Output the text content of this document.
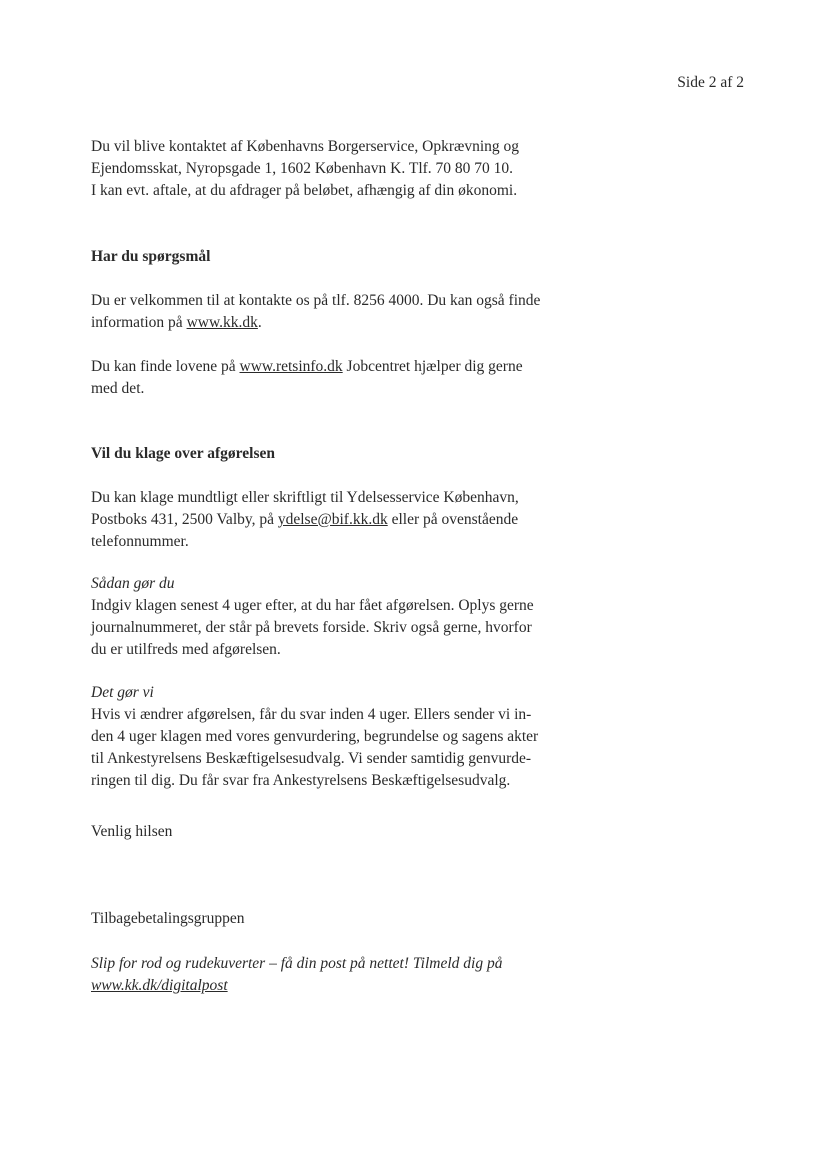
Side 2 af 2

Du vil blive kontaktet af Københavns Borgerservice, Opkrævning og
Ejendomsskat, Nyropsgade 1, 1602 København K. Tlf. 70 80 70 10.
I kan evt. aftale, at du afdrager på beløbet, afhængig af din økonomi.

Har du spørgsmål

Du er velkommen til at kontakte os på tlf. 8256 4000. Du kan også finde
information på www.kk.dk.

Du kan finde lovene på www.retsinfo.dk Jobcentret hjælper dig gerne
med det.

Vil du klage over afgørelsen

Du kan klage mundtligt eller skriftligt til Ydelsesservice København,
Postboks 431, 2500 Valby, på ydelse@bif.kk.dk eller på ovenstående
telefonnummer.

Sådan gør du

Indgiv klagen senest 4 uger efter, at du har fået afgørelsen. Oplys gerne
journalnummeret, der står på brevets forside. Skriv også gerne, hvorfor
du er utilfreds med afgørelsen.

Det gør vi

Hvis vi ændrer afgørelsen, får du svar inden 4 uger. Ellers sender vi in-
den 4 uger klagen med vores genvurdering, begrundelse og sagens akter
til Ankestyrelsens Beskæftigelsesudvalg. Vi sender samtidig genvurde-
ringen til dig. Du får svar fra Ankestyrelsens Beskæftigelsesudvalg.

Venlig hilsen

Tilbagebetalingsgruppen

Slip for rod og rudekuverter – få din post på nettet! Tilmeld dig på
www.kk.dk/digitalpost
